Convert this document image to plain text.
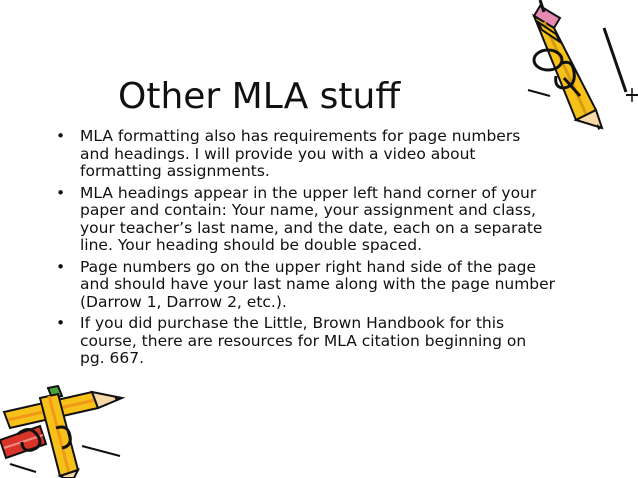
Other MLA stuff
• MLA formatting also has requirements for page numbers
and headings. I will provide you with a video about
formatting assignments.
• MLA headings appear in the upper left hand corner of your
paper and contain: Your name, your assignment and class,
your teacher’s last name, and the date, each on a separate
line. Your heading should be double spaced.
• Page numbers go on the upper right hand side of the page
and should have your last name along with the page number
(Darrow 1, Darrow 2, etc.).
• If you did purchase the Little, Brown Handbook for this
course, there are resources for MLA citation beginning on
pg. 667.
